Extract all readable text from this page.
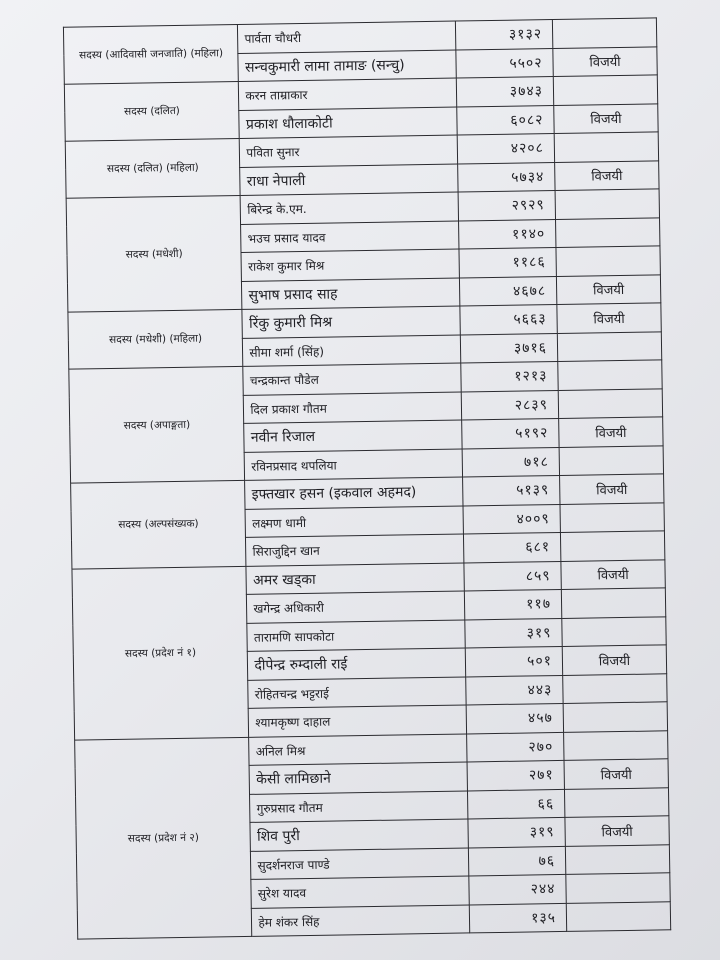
सदस्य (आदिवासी जनजाति) (महिला)	पार्वता चौधरी	३१३२	
	सन्चकुमारी लामा तामाङ (सन्चु)	५५०२	विजयी
सदस्य (दलित)	करन ताम्राकार	३७४३	
	प्रकाश धौलाकोटी	६०८२	विजयी
सदस्य (दलित) (महिला)	पविता सुनार	४२०८	
	राधा नेपाली	५७३४	विजयी
सदस्य (मधेशी)	बिरेन्द्र के.एम.	२९२९	
	भउच प्रसाद यादव	११४०	
	राकेश कुमार मिश्र	११८६	
	सुभाष प्रसाद साह	४६७८	विजयी
सदस्य (मधेशी) (महिला)	रिंकु कुमारी मिश्र	५६६३	विजयी
	सीमा शर्मा (सिंह)	३७१६	
सदस्य (अपाङ्गता)	चन्द्रकान्त पौडेल	१२१३	
	दिल प्रकाश गौतम	२८३९	
	नवीन रिजाल	५१९२	विजयी
	रविनप्रसाद थपलिया	७१८	
सदस्य (अल्पसंख्यक)	इफ्तखार हसन (इकवाल अहमद)	५१३९	विजयी
	लक्ष्मण धामी	४००९	
	सिराजुद्दिन खान	६८१	
सदस्य (प्रदेश नं १)	अमर खड्का	८५९	विजयी
	खगेन्द्र अधिकारी	११७	
	तारामणि सापकोटा	३१९	
	दीपेन्द्र रुम्दाली राई	५०१	विजयी
	रोहितचन्द्र भट्टराई	४४३	
	श्यामकृष्ण दाहाल	४५७	
सदस्य (प्रदेश नं २)	अनिल मिश्र	२७०	
	केसी लामिछाने	२७१	विजयी
	गुरुप्रसाद गौतम	६६	
	शिव पुरी	३१९	विजयी
	सुदर्शनराज पाण्डे	७६	
	सुरेश यादव	२४४	
	हेम शंकर सिंह	१३५	
